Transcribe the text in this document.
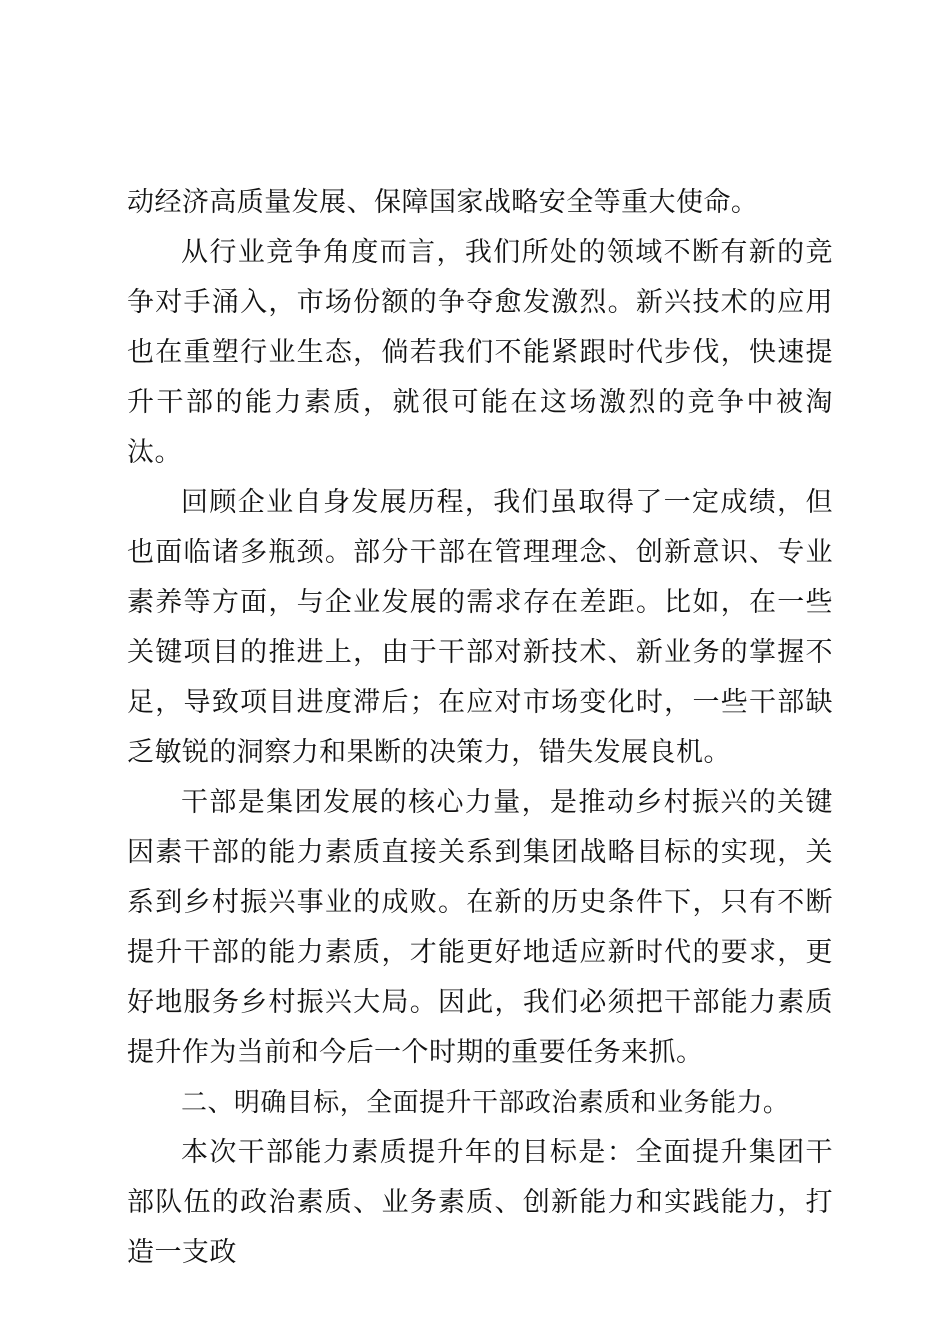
动经济高质量发展、保障国家战略安全等重大使命。

从行业竞争角度而言，我们所处的领域不断有新的竞争对手涌入，市场份额的争夺愈发激烈。新兴技术的应用也在重塑行业生态，倘若我们不能紧跟时代步伐，快速提升干部的能力素质，就很可能在这场激烈的竞争中被淘汰。

回顾企业自身发展历程，我们虽取得了一定成绩，但也面临诸多瓶颈。部分干部在管理理念、创新意识、专业素养等方面，与企业发展的需求存在差距。比如，在一些关键项目的推进上，由于干部对新技术、新业务的掌握不足，导致项目进度滞后；在应对市场变化时，一些干部缺乏敏锐的洞察力和果断的决策力，错失发展良机。

干部是集团发展的核心力量，是推动乡村振兴的关键因素干部的能力素质直接关系到集团战略目标的实现，关系到乡村振兴事业的成败。在新的历史条件下，只有不断提升干部的能力素质，才能更好地适应新时代的要求，更好地服务乡村振兴大局。因此，我们必须把干部能力素质提升作为当前和今后一个时期的重要任务来抓。

二、明确目标，全面提升干部政治素质和业务能力。

本次干部能力素质提升年的目标是：全面提升集团干部队伍的政治素质、业务素质、创新能力和实践能力，打造一支政
